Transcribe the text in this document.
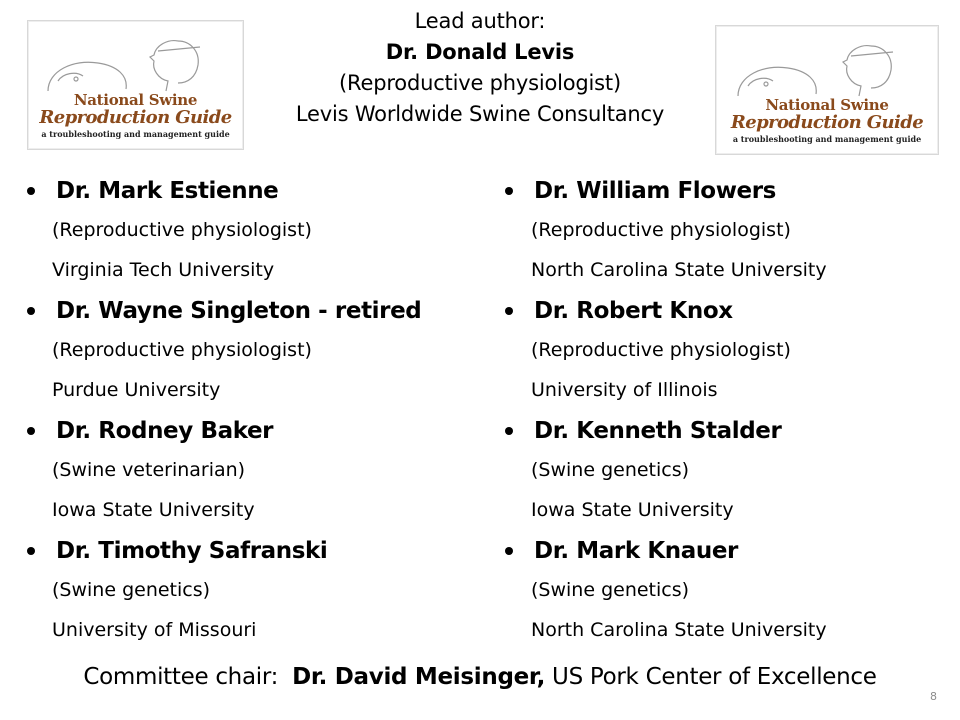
National Swine
Reproduction Guide
a troubleshooting and management guide
National Swine
Reproduction Guide
a troubleshooting and management guide
Lead author:
Dr. Donald Levis
(Reproductive physiologist)
Levis Worldwide Swine Consultancy
Dr. Mark Estienne
(Reproductive physiologist)
Virginia Tech University
Dr. Wayne Singleton - retired
(Reproductive physiologist)
Purdue University
Dr. Rodney Baker
(Swine veterinarian)
Iowa State University
Dr. Timothy Safranski
(Swine genetics)
University of Missouri
Dr. William Flowers
(Reproductive physiologist)
North Carolina State University
Dr. Robert Knox
(Reproductive physiologist)
University of Illinois
Dr. Kenneth Stalder
(Swine genetics)
Iowa State University
Dr. Mark Knauer
(Swine genetics)
North Carolina State University
Committee chair: Dr. David Meisinger, US Pork Center of Excellence
8
